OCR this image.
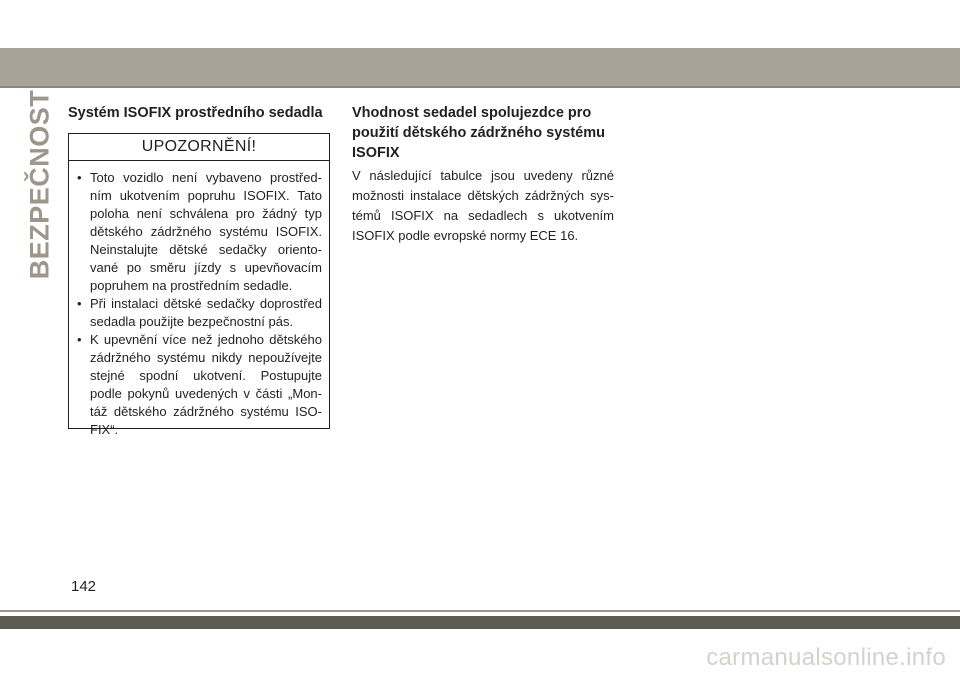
BEZPEČNOST Systém ISOFIX prostředního sedadla
UPOZORNĚNÍ!
• Toto vozidlo není vybaveno prostřed-ním ukotvením popruhu ISOFIX. Tato poloha není schválena pro žádný typ dětského zádržného systému ISOFIX. Neinstalujte dětské sedačky oriento-vané po směru jízdy s upevňovacím popruhem na prostředním sedadle.
• Při instalaci dětské sedačky doprostřed sedadla použijte bezpečnostní pás.
• K upevnění více než jednoho dětského zádržného systému nikdy nepoužívejte stejné spodní ukotvení. Postupujte podle pokynů uvedených v části „Mon-táž dětského zádržného systému ISO-FIX“.
Vhodnost sedadel spolujezdce pro použití dětského zádržného systému ISOFIX

V následující tabulce jsou uvedeny různé možnosti instalace dětských zádržných sys-témů ISOFIX na sedadlech s ukotvením ISOFIX podle evropské normy ECE 16.

142
carmanualsonline.info
